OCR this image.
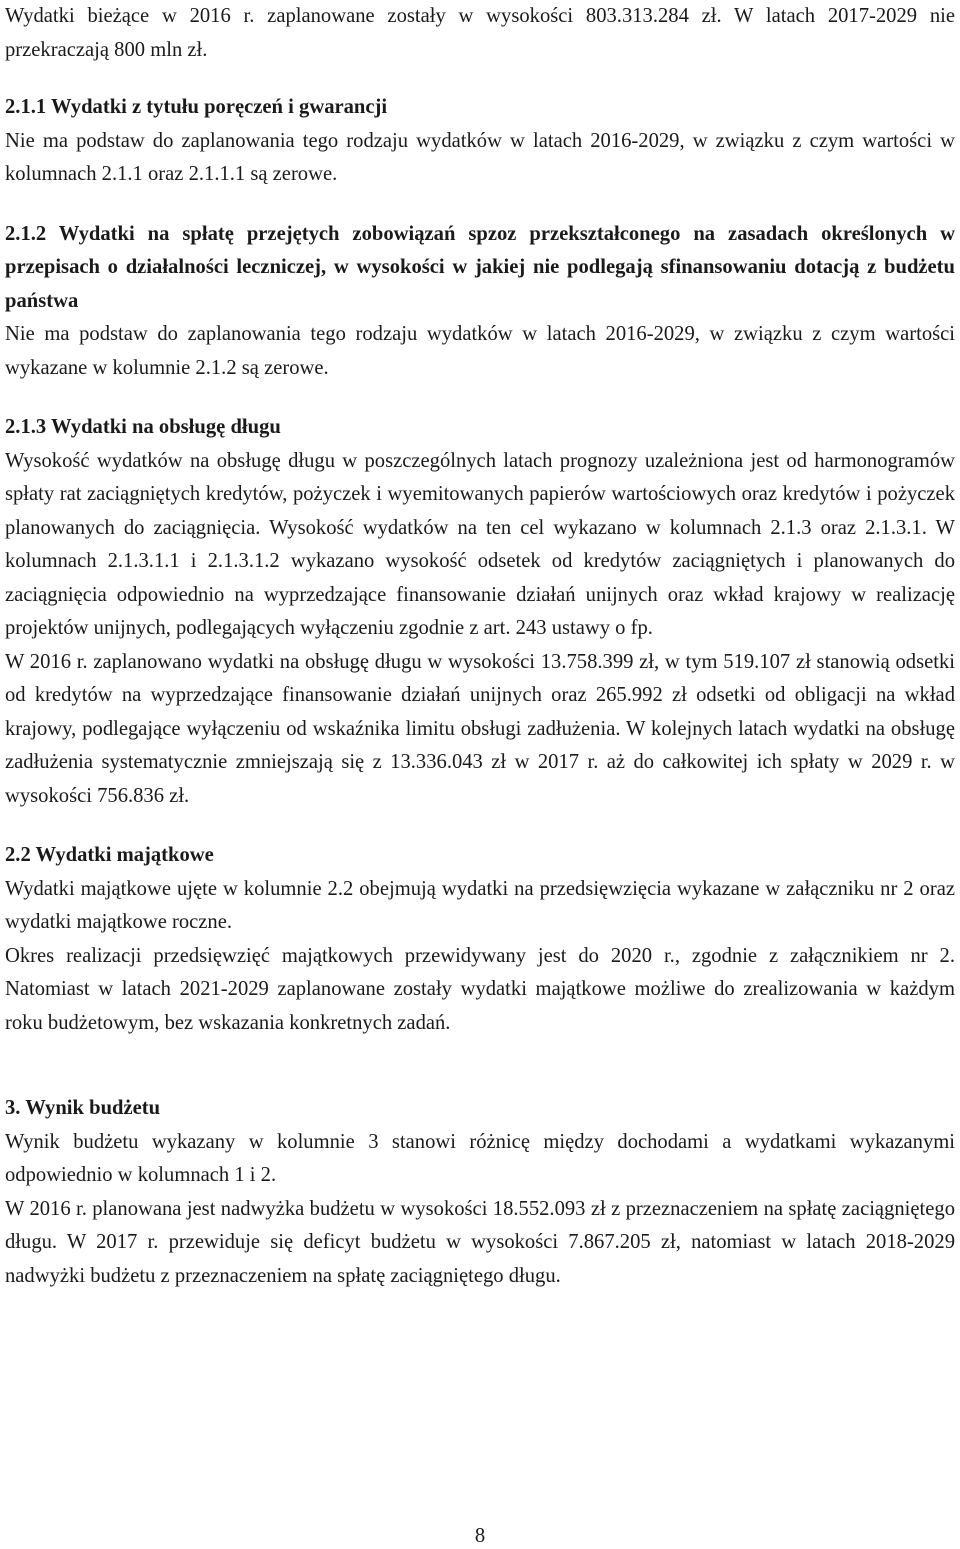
Wydatki bieżące w 2016 r. zaplanowane zostały w wysokości 803.313.284 zł. W latach 2017-2029 nie przekraczają 800 mln zł.

2.1.1 Wydatki z tytułu poręczeń i gwarancji

Nie ma podstaw do zaplanowania tego rodzaju wydatków w latach 2016-2029, w związku z czym wartości w kolumnach 2.1.1 oraz 2.1.1.1 są zerowe.

2.1.2 Wydatki na spłatę przejętych zobowiązań spzoz przekształconego na zasadach określonych w przepisach o działalności leczniczej, w wysokości w jakiej nie podlegają sfinansowaniu dotacją z budżetu państwa

Nie ma podstaw do zaplanowania tego rodzaju wydatków w latach 2016-2029, w związku z czym wartości wykazane w kolumnie 2.1.2 są zerowe.

2.1.3 Wydatki na obsługę długu

Wysokość wydatków na obsługę długu w poszczególnych latach prognozy uzależniona jest od harmonogramów spłaty rat zaciągniętych kredytów, pożyczek i wyemitowanych papierów wartościowych oraz kredytów i pożyczek planowanych do zaciągnięcia. Wysokość wydatków na ten cel wykazano w kolumnach 2.1.3 oraz 2.1.3.1. W kolumnach 2.1.3.1.1 i 2.1.3.1.2 wykazano wysokość odsetek od kredytów zaciągniętych i planowanych do zaciągnięcia odpowiednio na wyprzedzające finansowanie działań unijnych oraz wkład krajowy w realizację projektów unijnych, podlegających wyłączeniu zgodnie z art. 243 ustawy o fp.

W 2016 r. zaplanowano wydatki na obsługę długu w wysokości 13.758.399 zł, w tym 519.107 zł stanowią odsetki od kredytów na wyprzedzające finansowanie działań unijnych oraz 265.992 zł odsetki od obligacji na wkład krajowy, podlegające wyłączeniu od wskaźnika limitu obsługi zadłużenia. W kolejnych latach wydatki na obsługę zadłużenia systematycznie zmniejszają się z 13.336.043 zł w 2017 r. aż do całkowitej ich spłaty w 2029 r. w wysokości 756.836 zł.

2.2 Wydatki majątkowe

Wydatki majątkowe ujęte w kolumnie 2.2 obejmują wydatki na przedsięwzięcia wykazane w załączniku nr 2 oraz wydatki majątkowe roczne.

Okres realizacji przedsięwzięć majątkowych przewidywany jest do 2020 r., zgodnie z załącznikiem nr 2. Natomiast w latach 2021-2029 zaplanowane zostały wydatki majątkowe możliwe do zrealizowania w każdym roku budżetowym, bez wskazania konkretnych zadań.

3. Wynik budżetu

Wynik budżetu wykazany w kolumnie 3 stanowi różnicę między dochodami a wydatkami wykazanymi odpowiednio w kolumnach 1 i 2.

W 2016 r. planowana jest nadwyżka budżetu w wysokości 18.552.093 zł z przeznaczeniem na spłatę zaciągniętego długu. W 2017 r. przewiduje się deficyt budżetu w wysokości 7.867.205 zł, natomiast w latach 2018-2029 nadwyżki budżetu z przeznaczeniem na spłatę zaciągniętego długu.

8
